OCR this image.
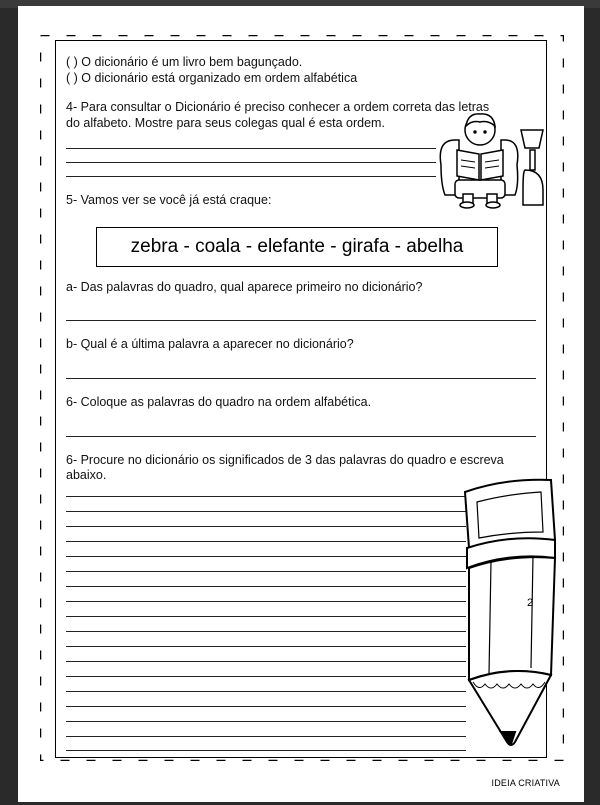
( ) O dicionário é um livro bem bagunçado.
( ) O dicionário está organizado em ordem alfabética
4- Para consultar o Dicionário é preciso conhecer a ordem correta das letras
do alfabeto. Mostre para seus colegas qual é esta ordem.
5- Vamos ver se você já está craque:
zebra - coala - elefante - girafa - abelha
a- Das palavras do quadro, qual aparece primeiro no dicionário?
b- Qual é a última palavra a aparecer no dicionário?
6- Coloque as palavras do quadro na ordem alfabética.
6- Procure no dicionário os significados de 3 das palavras do quadro e escreva
abaixo.
2
IDEIA CRIATIVA
